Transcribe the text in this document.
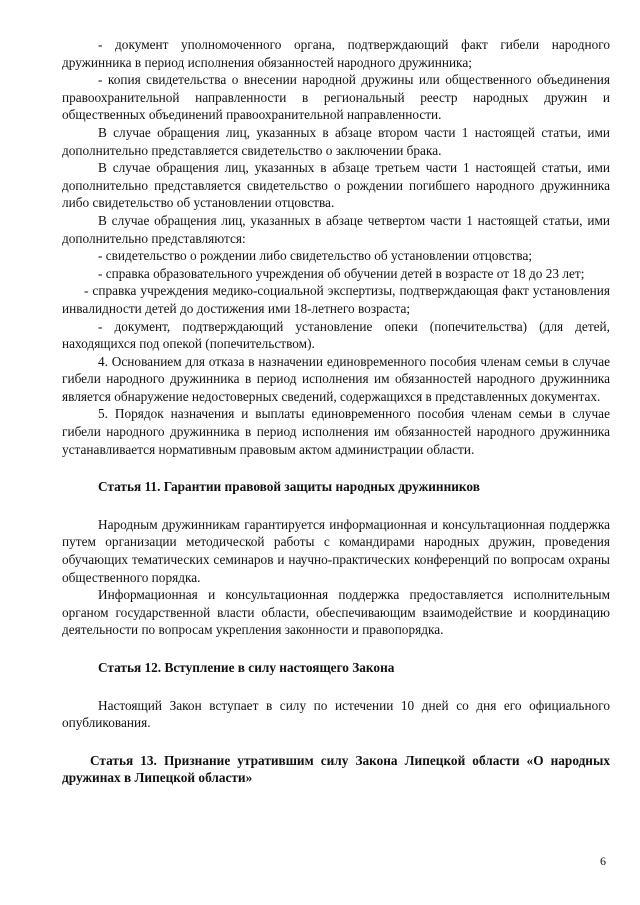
- документ уполномоченного органа, подтверждающий факт гибели народного дружинника в период исполнения обязанностей народного дружинника;

- копия свидетельства о внесении народной дружины или общественного объединения правоохранительной направленности в региональный реестр народных дружин и общественных объединений правоохранительной направленности.

В случае обращения лиц, указанных в абзаце втором части 1 настоящей статьи, ими дополнительно представляется свидетельство о заключении брака.

В случае обращения лиц, указанных в абзаце третьем части 1 настоящей статьи, ими дополнительно представляется свидетельство о рождении погибшего народного дружинника либо свидетельство об установлении отцовства.

В случае обращения лиц, указанных в абзаце четвертом части 1 настоящей статьи, ими дополнительно представляются:

- свидетельство о рождении либо свидетельство об установлении отцовства;

- справка образовательного учреждения об обучении детей в возрасте от 18 до 23 лет;

- справка учреждения медико-социальной экспертизы, подтверждающая факт установления инвалидности детей до достижения ими 18-летнего возраста;

- документ, подтверждающий установление опеки (попечительства) (для детей, находящихся под опекой (попечительством).

4. Основанием для отказа в назначении единовременного пособия членам семьи в случае гибели народного дружинника в период исполнения им обязанностей народного дружинника является обнаружение недостоверных сведений, содержащихся в представленных документах.

5. Порядок назначения и выплаты единовременного пособия членам семьи в случае гибели народного дружинника в период исполнения им обязанностей народного дружинника устанавливается нормативным правовым актом администрации области.

Статья 11. Гарантии правовой защиты народных дружинников

Народным дружинникам гарантируется информационная и консультационная поддержка путем организации методической работы с командирами народных дружин, проведения обучающих тематических семинаров и научно-практических конференций по вопросам охраны общественного порядка.

Информационная и консультационная поддержка предоставляется исполнительным органом государственной власти области, обеспечивающим взаимодействие и координацию деятельности по вопросам укрепления законности и правопорядка.

Статья 12. Вступление в силу настоящего Закона

Настоящий Закон вступает в силу по истечении 10 дней со дня его официального опубликования.

Статья 13. Признание утратившим силу Закона Липецкой области «О народных дружинах в Липецкой области»

6
